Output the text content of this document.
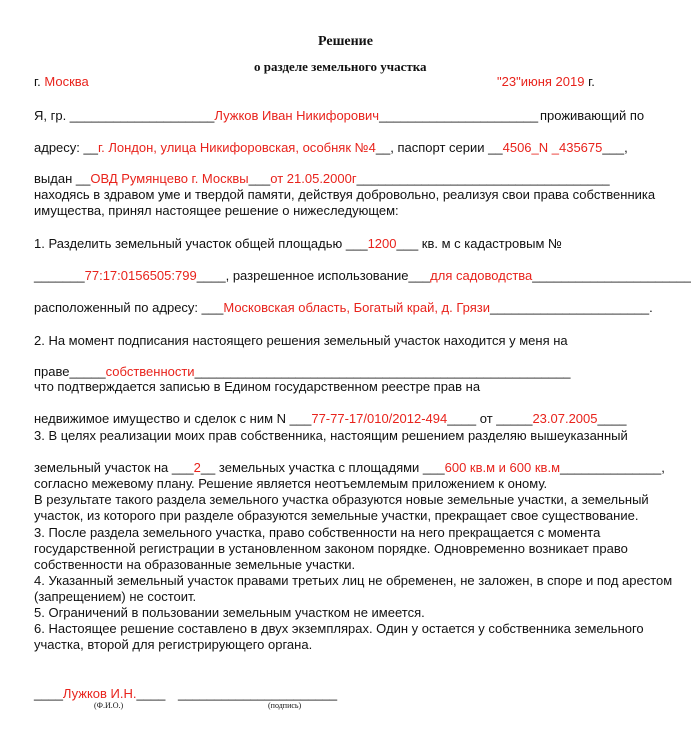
Решение
о разделе земельного участка
г. Москва	"23"июня 2019 г.
Я, гр. ____________________Лужков Иван Никифорович______________________ проживающий по
адресу: __г. Лондон, улица Никифоровская, особняк №4__, паспорт серии __4506_N _435675___,
выдан __ОВД Румянцево г. Москвы___от 21.05.2000г___________________________________
находясь в здравом уме и твердой памяти, действуя добровольно, реализуя свои права собственника
имущества, принял настоящее решение о нижеследующем:
1. Разделить земельный участок общей площадью ___1200___ кв. м с кадастровым №
_______77:17:0156505:799____, разрешенное использование___для садоводства______________________
расположенный по адресу: ___Московская область, Богатый край, д. Грязи______________________.
2. На момент подписания настоящего решения земельный участок находится у меня на
праве_____собственности____________________________________________________
что подтверждается записью в Едином государственном реестре прав на
недвижимое имущество и сделок с ним N ___77-77-17/010/2012-494____ от _____23.07.2005____
3. В целях реализации моих прав собственника, настоящим решением разделяю вышеуказанный
земельный участок на ___2__ земельных участка с площадями ___600 кв.м и 600 кв.м______________,
согласно межевому плану. Решение является неотъемлемым приложением к оному.
В результате такого раздела земельного участка образуются новые земельные участки, а земельный
участок, из которого при разделе образуются земельные участки, прекращает свое существование.
3. После раздела земельного участка, право собственности на него прекращается с момента
государственной регистрации в установленном законом порядке. Одновременно возникает право
собственности на образованные земельные участки.
4. Указанный земельный участок правами третьих лиц не обременен, не заложен, в споре и под арестом
(запрещением) не состоит.
5. Ограничений в пользовании земельным участком не имеется.
6. Настоящее решение составлено в двух экземплярах. Один у остается у собственника земельного
участка, второй для регистрирующего органа.
____Лужков И.Н.____ ______________________
(Ф.И.О.)	(подпись)
